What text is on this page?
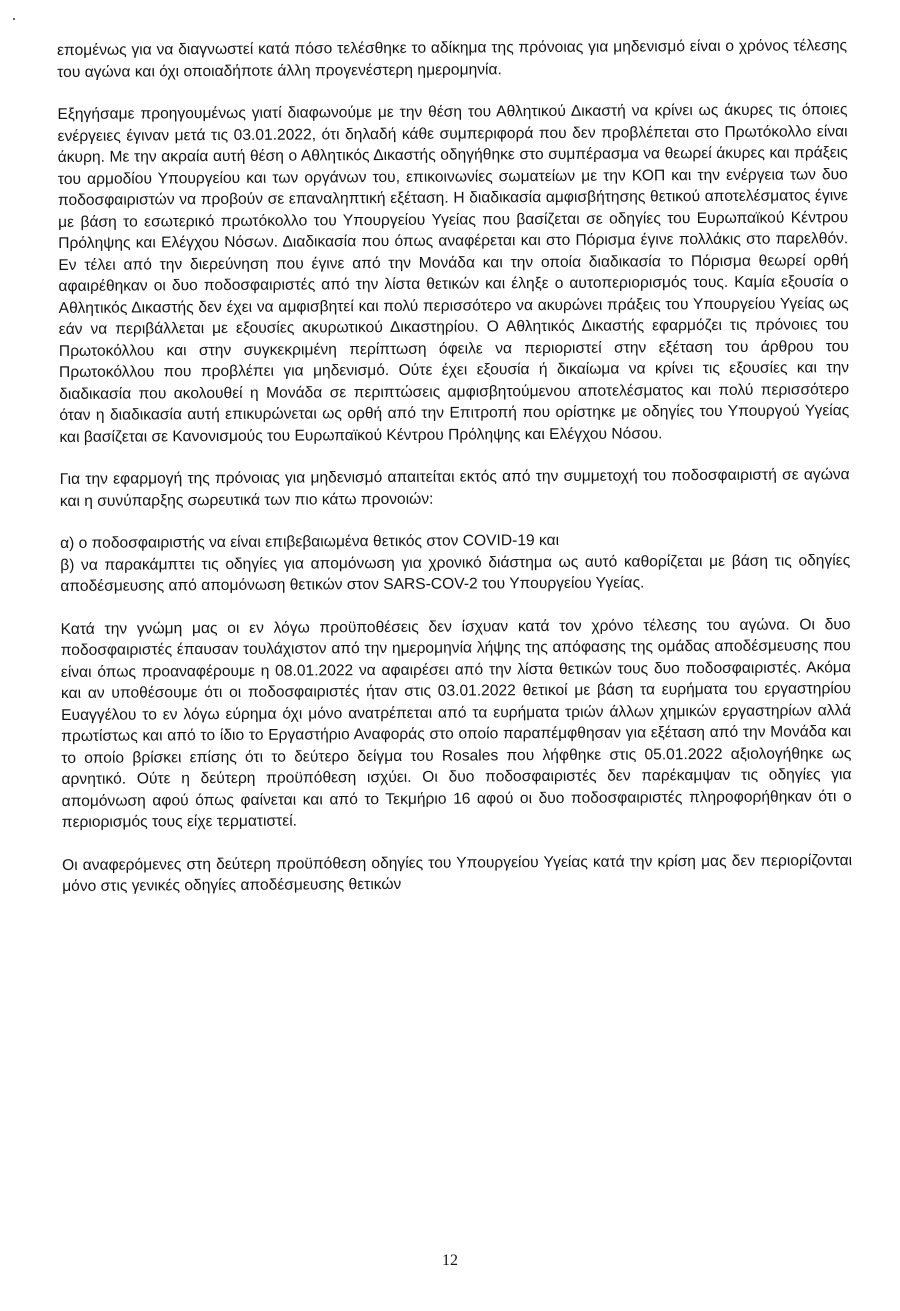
επομένως για να διαγνωστεί κατά πόσο τελέσθηκε το αδίκημα της πρόνοιας για μηδενισμό είναι ο χρόνος τέλεσης του αγώνα και όχι οποιαδήποτε άλλη προγενέστερη ημερομηνία.

Εξηγήσαμε προηγουμένως γιατί διαφωνούμε με την θέση του Αθλητικού Δικαστή να κρίνει ως άκυρες τις όποιες ενέργειες έγιναν μετά τις 03.01.2022, ότι δηλαδή κάθε συμπεριφορά που δεν προβλέπεται στο Πρωτόκολλο είναι άκυρη. Με την ακραία αυτή θέση ο Αθλητικός Δικαστής οδηγήθηκε στο συμπέρασμα να θεωρεί άκυρες και πράξεις του αρμοδίου Υπουργείου και των οργάνων του, επικοινωνίες σωματείων με την ΚΟΠ και την ενέργεια των δυο ποδοσφαιριστών να προβούν σε επαναληπτική εξέταση. Η διαδικασία αμφισβήτησης θετικού αποτελέσματος έγινε με βάση το εσωτερικό πρωτόκολλο του Υπουργείου Υγείας που βασίζεται σε οδηγίες του Ευρωπαϊκού Κέντρου Πρόληψης και Ελέγχου Νόσων. Διαδικασία που όπως αναφέρεται και στο Πόρισμα έγινε πολλάκις στο παρελθόν. Εν τέλει από την διερεύνηση που έγινε από την Μονάδα και την οποία διαδικασία το Πόρισμα θεωρεί ορθή αφαιρέθηκαν οι δυο ποδοσφαιριστές από την λίστα θετικών και έληξε ο αυτοπεριορισμός τους. Καμία εξουσία ο Αθλητικός Δικαστής δεν έχει να αμφισβητεί και πολύ περισσότερο να ακυρώνει πράξεις του Υπουργείου Υγείας ως εάν να περιβάλλεται με εξουσίες ακυρωτικού Δικαστηρίου. Ο Αθλητικός Δικαστής εφαρμόζει τις πρόνοιες του Πρωτοκόλλου και στην συγκεκριμένη περίπτωση όφειλε να περιοριστεί στην εξέταση του άρθρου του Πρωτοκόλλου που προβλέπει για μηδενισμό. Ούτε έχει εξουσία ή δικαίωμα να κρίνει τις εξουσίες και την διαδικασία που ακολουθεί η Μονάδα σε περιπτώσεις αμφισβητούμενου αποτελέσματος και πολύ περισσότερο όταν η διαδικασία αυτή επικυρώνεται ως ορθή από την Επιτροπή που ορίστηκε με οδηγίες του Υπουργού Υγείας και βασίζεται σε Κανονισμούς του Ευρωπαϊκού Κέντρου Πρόληψης και Ελέγχου Νόσου.

Για την εφαρμογή της πρόνοιας για μηδενισμό απαιτείται εκτός από την συμμετοχή του ποδοσφαιριστή σε αγώνα και η συνύπαρξης σωρευτικά των πιο κάτω προνοιών:

α) ο ποδοσφαιριστής να είναι επιβεβαιωμένα θετικός στον COVID-19 και

β) να παρακάμπτει τις οδηγίες για απομόνωση για χρονικό διάστημα ως αυτό καθορίζεται με βάση τις οδηγίες αποδέσμευσης από απομόνωση θετικών στον SARS-COV-2 του Υπουργείου Υγείας.

Κατά την γνώμη μας οι εν λόγω προϋποθέσεις δεν ίσχυαν κατά τον χρόνο τέλεσης του αγώνα. Οι δυο ποδοσφαιριστές έπαυσαν τουλάχιστον από την ημερομηνία λήψης της απόφασης της ομάδας αποδέσμευσης που είναι όπως προαναφέρουμε η 08.01.2022 να αφαιρέσει από την λίστα θετικών τους δυο ποδοσφαιριστές. Ακόμα και αν υποθέσουμε ότι οι ποδοσφαιριστές ήταν στις 03.01.2022 θετικοί με βάση τα ευρήματα του εργαστηρίου Ευαγγέλου το εν λόγω εύρημα όχι μόνο ανατρέπεται από τα ευρήματα τριών άλλων χημικών εργαστηρίων αλλά πρωτίστως και από το ίδιο το Εργαστήριο Αναφοράς στο οποίο παραπέμφθησαν για εξέταση από την Μονάδα και το οποίο βρίσκει επίσης ότι το δεύτερο δείγμα του Rosales που λήφθηκε στις 05.01.2022 αξιολογήθηκε ως αρνητικό. Ούτε η δεύτερη προϋπόθεση ισχύει. Οι δυο ποδοσφαιριστές δεν παρέκαμψαν τις οδηγίες για απομόνωση αφού όπως φαίνεται και από το Τεκμήριο 16 αφού οι δυο ποδοσφαιριστές πληροφορήθηκαν ότι ο περιορισμός τους είχε τερματιστεί.

Οι αναφερόμενες στη δεύτερη προϋπόθεση οδηγίες του Υπουργείου Υγείας κατά την κρίση μας δεν περιορίζονται μόνο στις γενικές οδηγίες αποδέσμευσης θετικών

12
